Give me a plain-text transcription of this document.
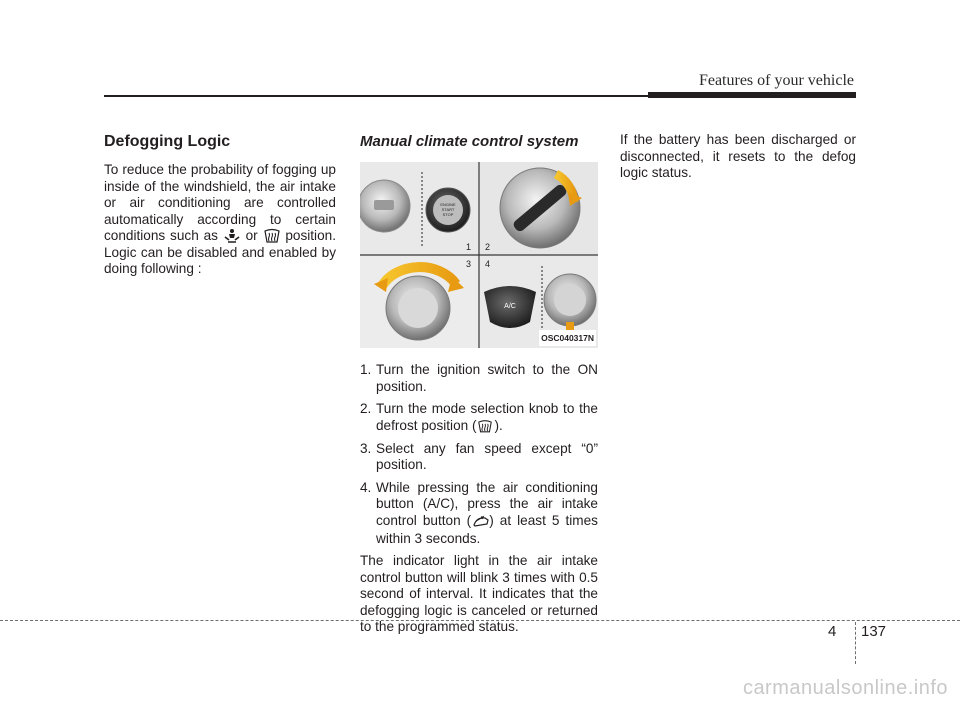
Features of your vehicle
Defogging Logic

To reduce the probability of fogging up inside of the windshield, the air intake or air conditioning are controlled automatically according to certain conditions such as or position. Logic can be disabled and enabled by doing following :

Manual climate control system
ENGINE
START
STOP
A/C
1 2
3 4
OSC040317N
1. Turn the ignition switch to the ON position.
2. Turn the mode selection knob to the defrost position ( ).
3. Select any fan speed except “0” position.
4. While pressing the air conditioning button (A/C), press the air intake control button ( ) at least 5 times within 3 seconds.

The indicator light in the air intake control button will blink 3 times with 0.5 second of interval. It indicates that the defogging logic is canceled or returned to the programmed status.

If the battery has been discharged or disconnected, it resets to the defog logic status.

4 137
carmanualsonline.info
